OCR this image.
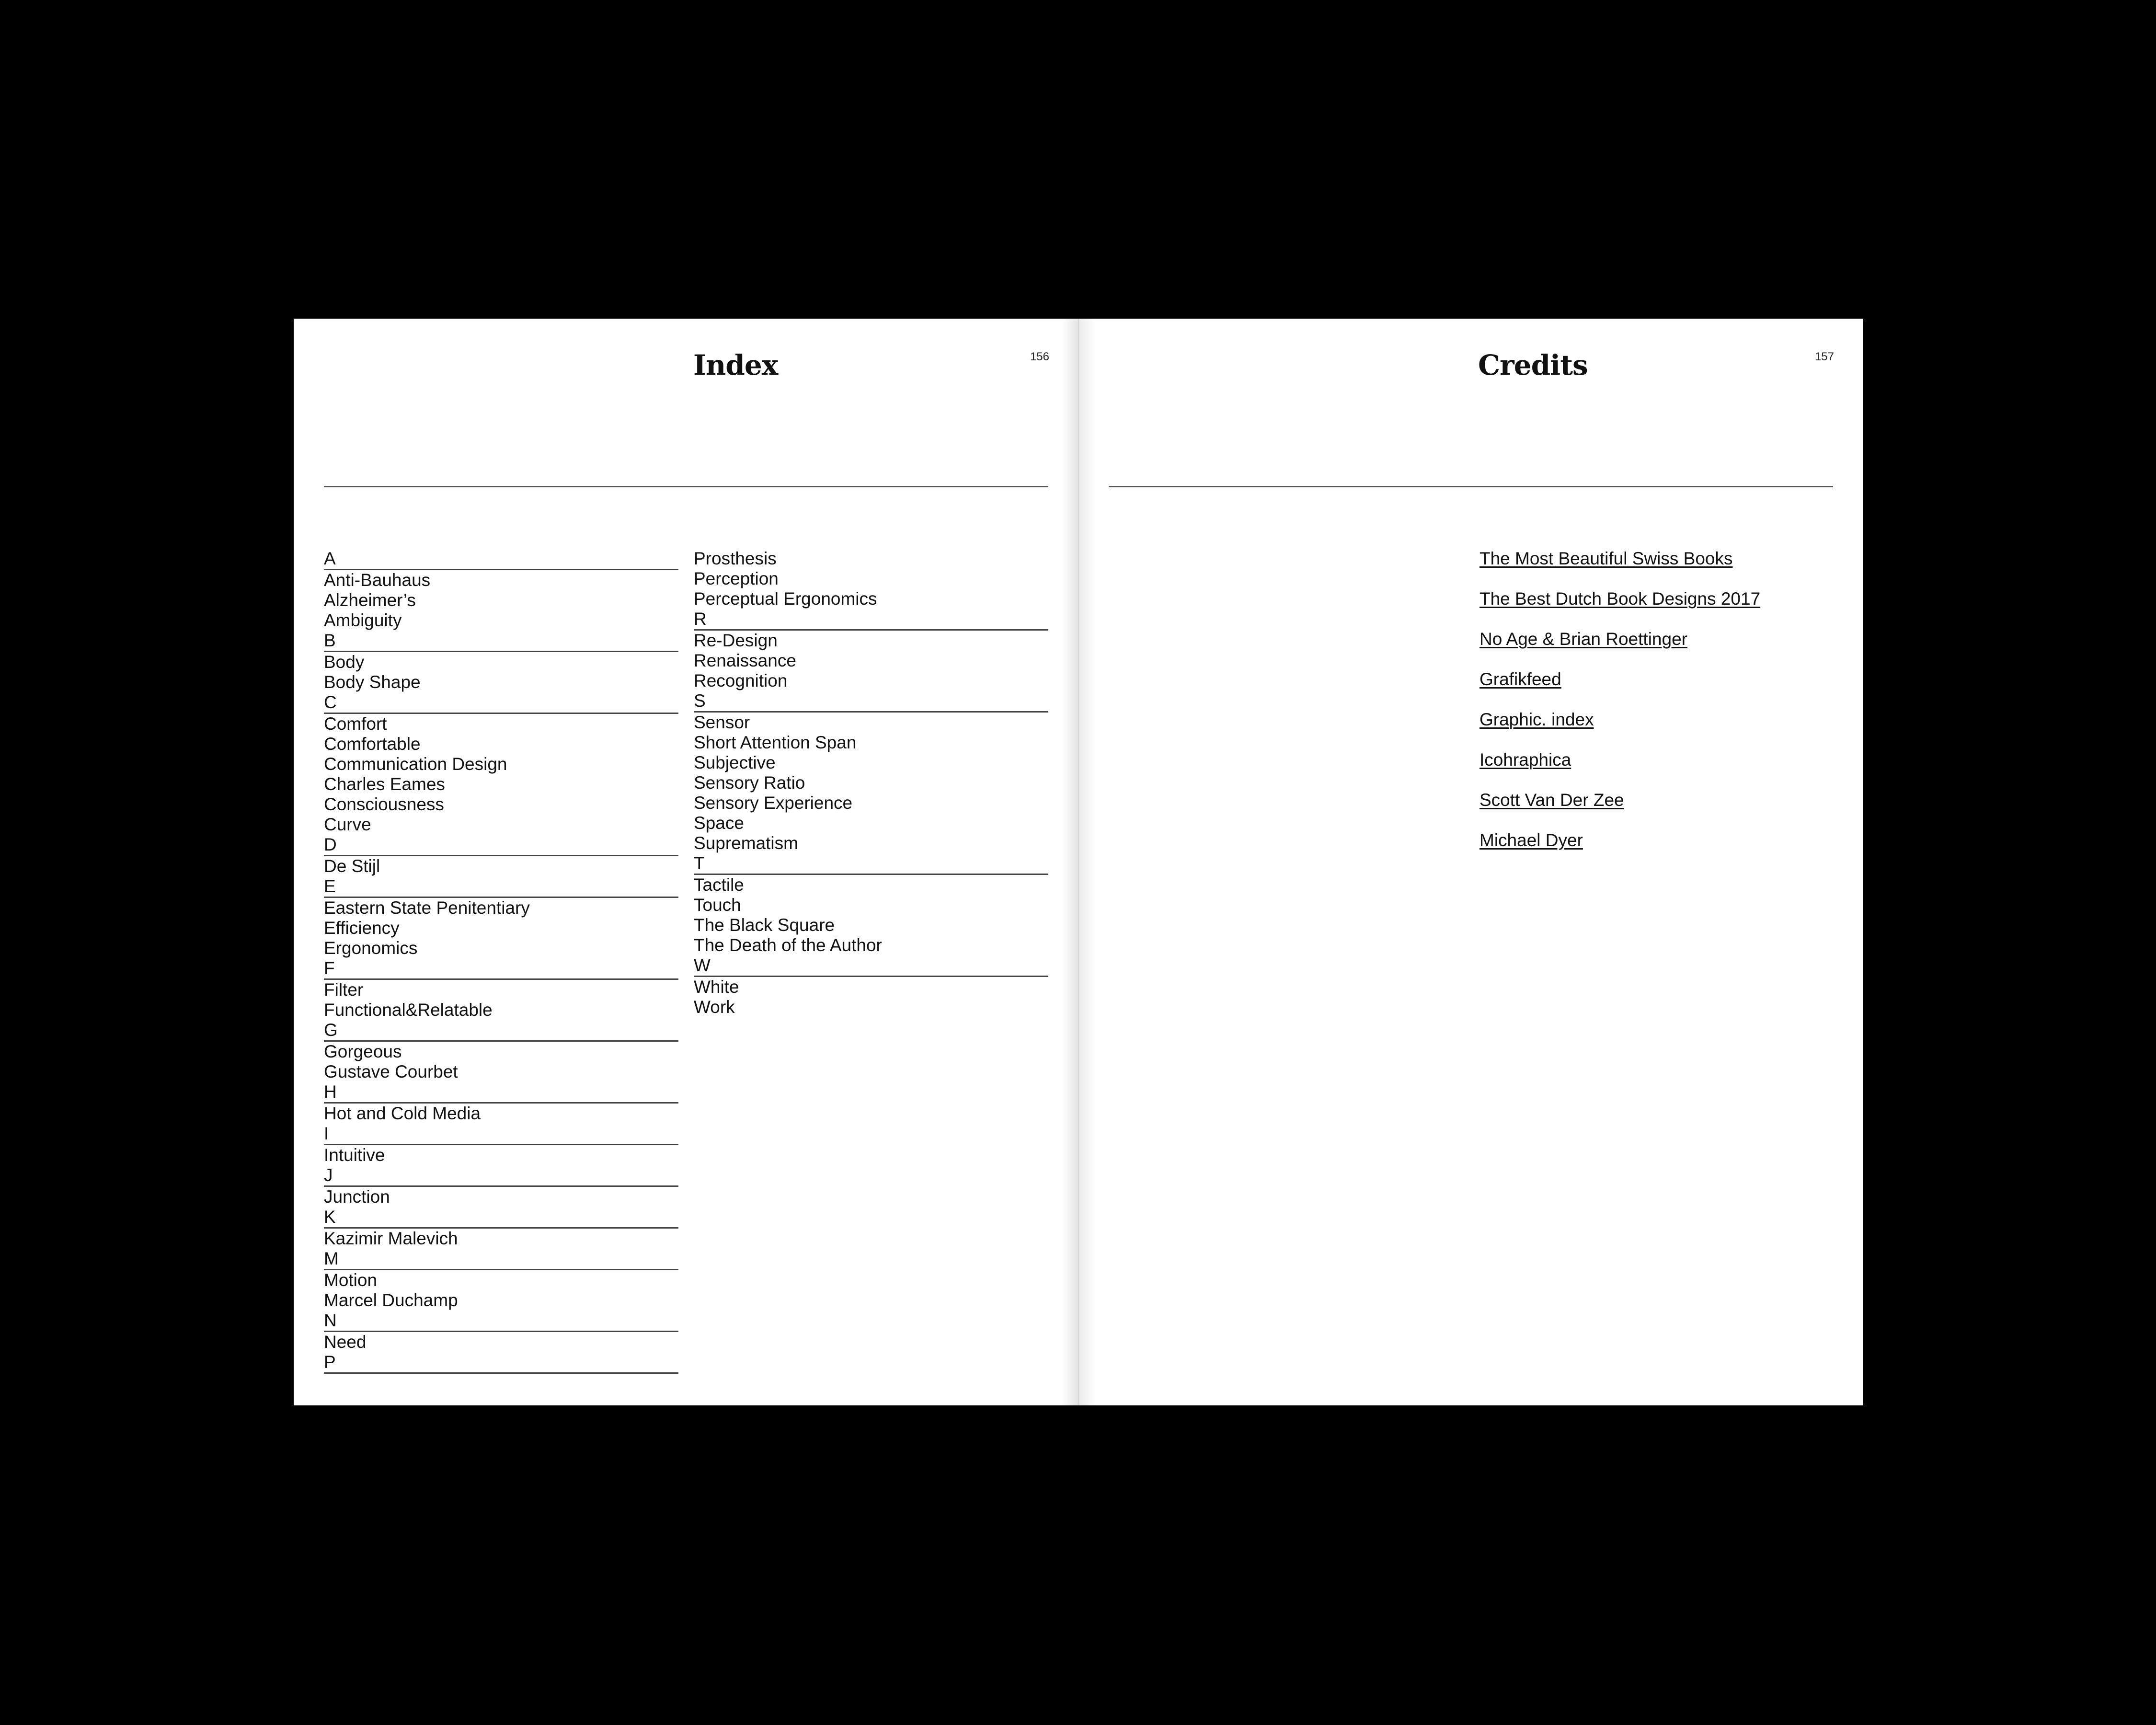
Index	156
A
Anti-Bauhaus
Alzheimer’s
Ambiguity
B
Body
Body Shape
C
Comfort
Comfortable
Communication Design
Charles Eames
Consciousness
Curve
D
De Stijl
E
Eastern State Penitentiary
Efficiency
Ergonomics
F
Filter
Functional&Relatable
G
Gorgeous
Gustave Courbet
H
Hot and Cold Media
I
Intuitive
J
Junction
K
Kazimir Malevich
M
Motion
Marcel Duchamp
N
Need
P
Prosthesis
Perception
Perceptual Ergonomics
R
Re-Design
Renaissance
Recognition
S
Sensor
Short Attention Span
Subjective
Sensory Ratio
Sensory Experience
Space
Suprematism
T
Tactile
Touch
The Black Square
The Death of the Author
W
White
Work
Credits	157
The Most Beautiful Swiss Books
The Best Dutch Book Designs 2017
No Age & Brian Roettinger
Grafikfeed
Graphic. index
Icohraphica
Scott Van Der Zee
Michael Dyer
